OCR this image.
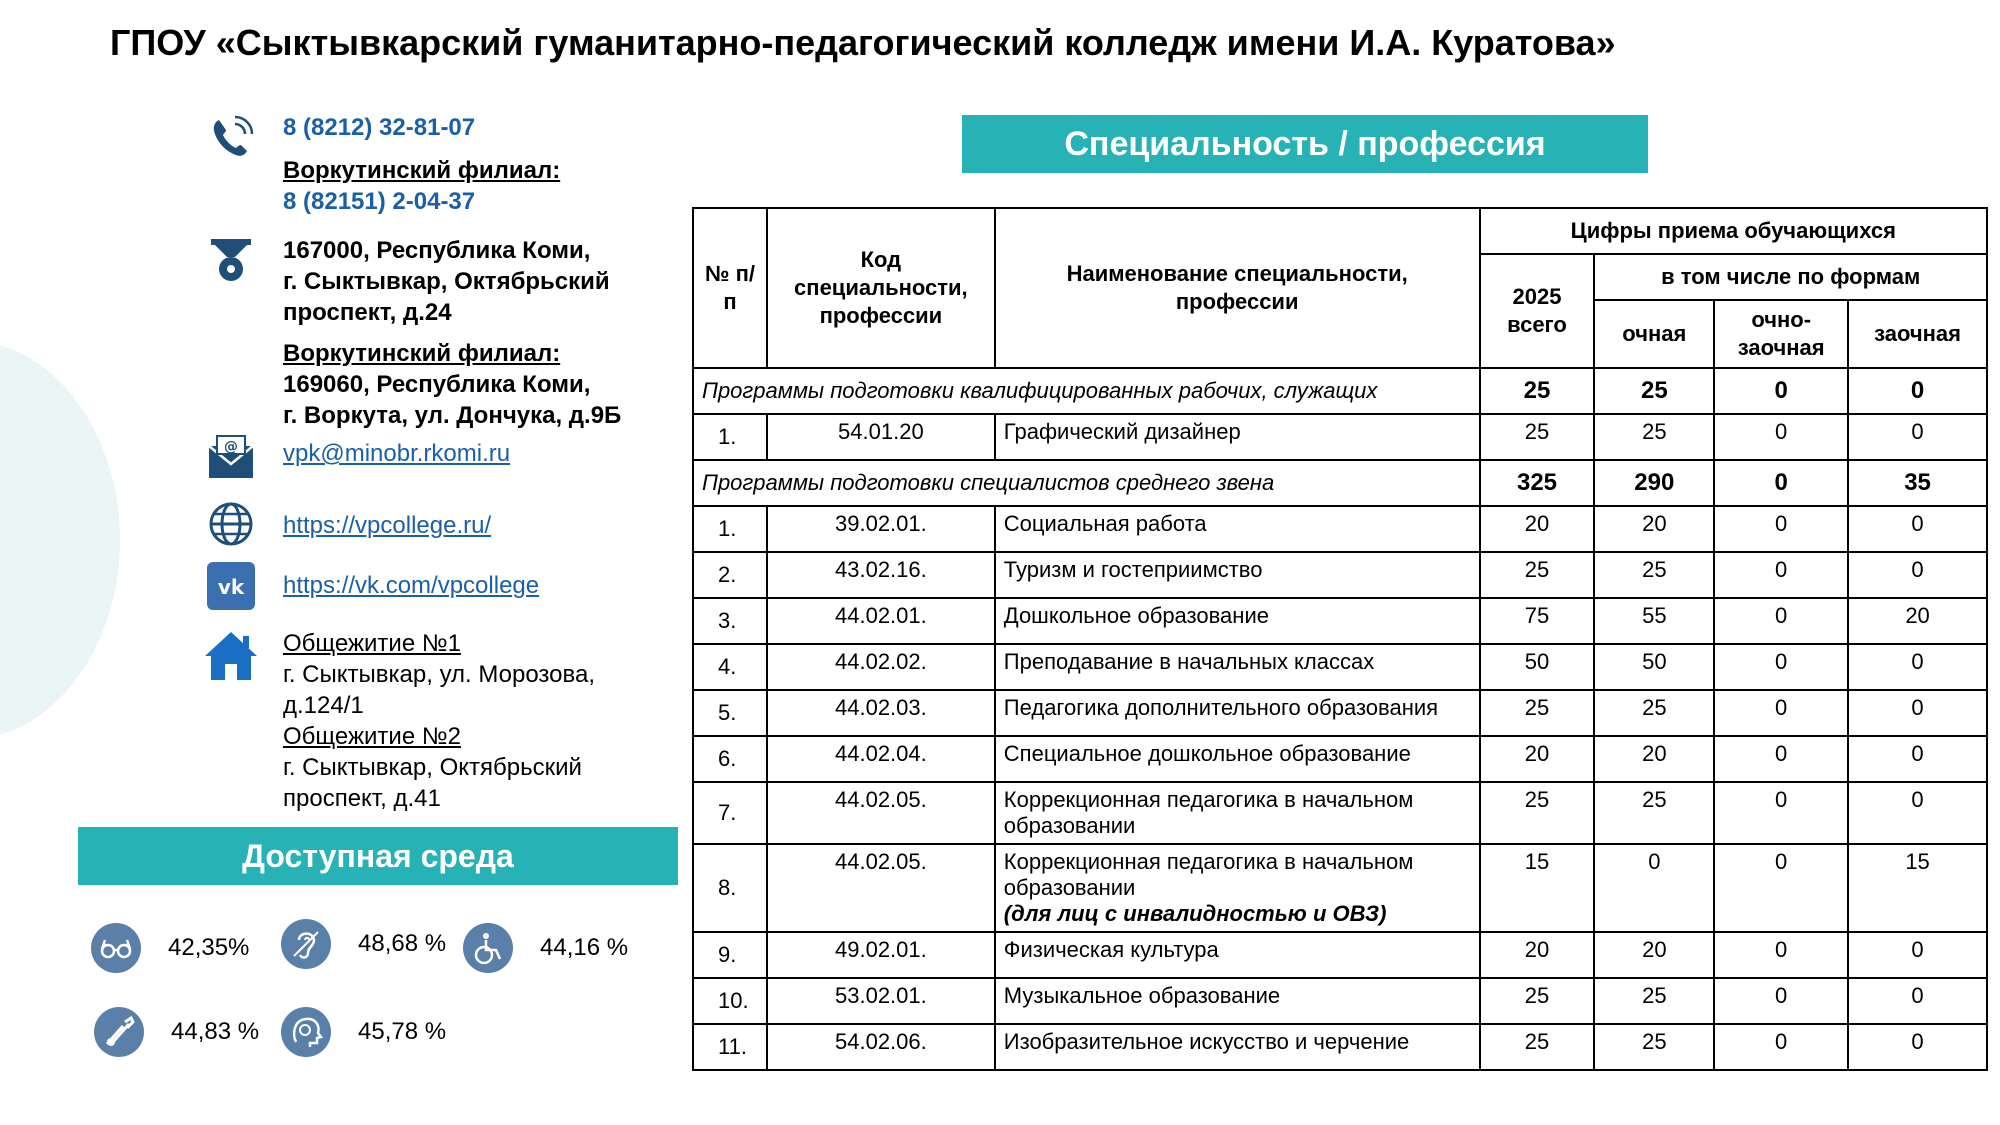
ГПОУ «Сыктывкарский гуманитарно-педагогический колледж имени И.А. Куратова»
8 (8212) 32-81-07
Воркутинский филиал:
8 (82151) 2-04-37
167000, Республика Коми,
г. Сыктывкар, Октябрьский
проспект, д.24
Воркутинский филиал:
169060, Республика Коми,
г. Воркута, ул. Дончука, д.9Б
@ vpk@minobr.rkomi.ru
https://vpcollege.ru/
vk https://vk.com/vpcollege
Общежитие №1
г. Сыктывкар, ул. Морозова,
д.124/1
Общежитие №2
г. Сыктывкар, Октябрьский
проспект, д.41
Доступная среда
42,35%	48,68 %	44,16 %
44,83 %	45,78 %
Специальность / профессия
№ п/п	Код специальности, профессии	Наименование специальности, профессии	Цифры приема обучающихся			
			2025 всего	в том числе по формам		
				очная	очно-заочная	заочная
Программы подготовки квалифицированных рабочих, служащих			25	25	0	0
1.	54.01.20	Графический дизайнер	25	25	0	0
Программы подготовки специалистов среднего звена			325	290	0	35
1.	39.02.01.	Социальная работа	20	20	0	0
2.	43.02.16.	Туризм и гостеприимство	25	25	0	0
3.	44.02.01.	Дошкольное образование	75	55	0	20
4.	44.02.02.	Преподавание в начальных классах	50	50	0	0
5.	44.02.03.	Педагогика дополнительного образования	25	25	0	0
6.	44.02.04.	Специальное дошкольное образование	20	20	0	0
7.	44.02.05.	Коррекционная педагогика в начальном образовании	25	25	0	0
8.	44.02.05.	Коррекционная педагогика в начальном образовании
(для лиц с инвалидностью и ОВЗ)	15	0	0	15
9.	49.02.01.	Физическая культура	20	20	0	0
10.	53.02.01.	Музыкальное образование	25	25	0	0
11.	54.02.06.	Изобразительное искусство и черчение	25	25	0	0
